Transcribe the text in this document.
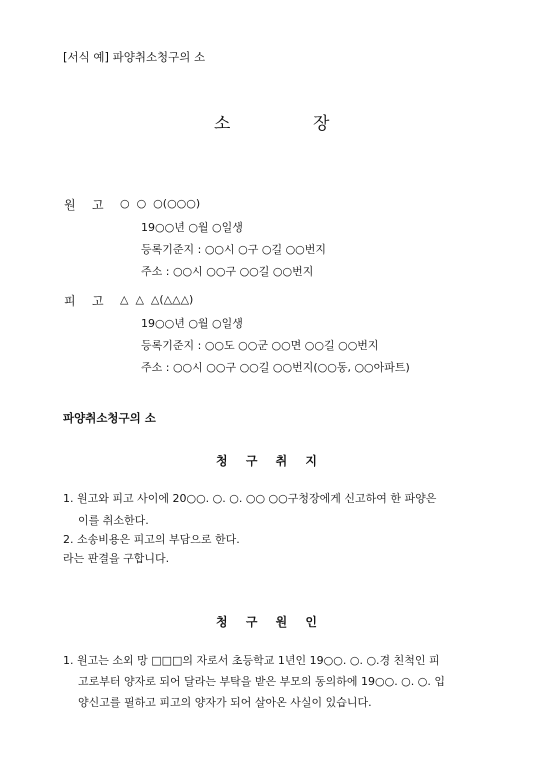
[서식 예] 파양취소청구의 소
소	장
원 고 ○  ○  ○(○○○)
19○○년 ○월 ○일생
등록기준지 : ○○시 ○구 ○길 ○○번지
주소 : ○○시 ○○구 ○○길 ○○번지
피 고 △  △  △(△△△)
19○○년 ○월 ○일생
등록기준지 : ○○도 ○○군 ○○면 ○○길 ○○번지
주소 : ○○시 ○○구 ○○길 ○○번지(○○동, ○○아파트)
파양취소청구의 소
청 구 취 지
1. 원고와 피고 사이에 20○○. ○. ○. ○○ ○○구청장에게 신고하여 한 파양은
이를 취소한다.
2. 소송비용은 피고의 부담으로 한다.
라는 판결을 구합니다.
청 구 원 인
1. 원고는 소외 망 □□□의 자로서 초등학교 1년인 19○○. ○. ○.경 친척인 피
고로부터 양자로 되어 달라는 부탁을 받은 부모의 동의하에 19○○. ○. ○. 입
양신고를 필하고 피고의 양자가 되어 살아온 사실이 있습니다.
